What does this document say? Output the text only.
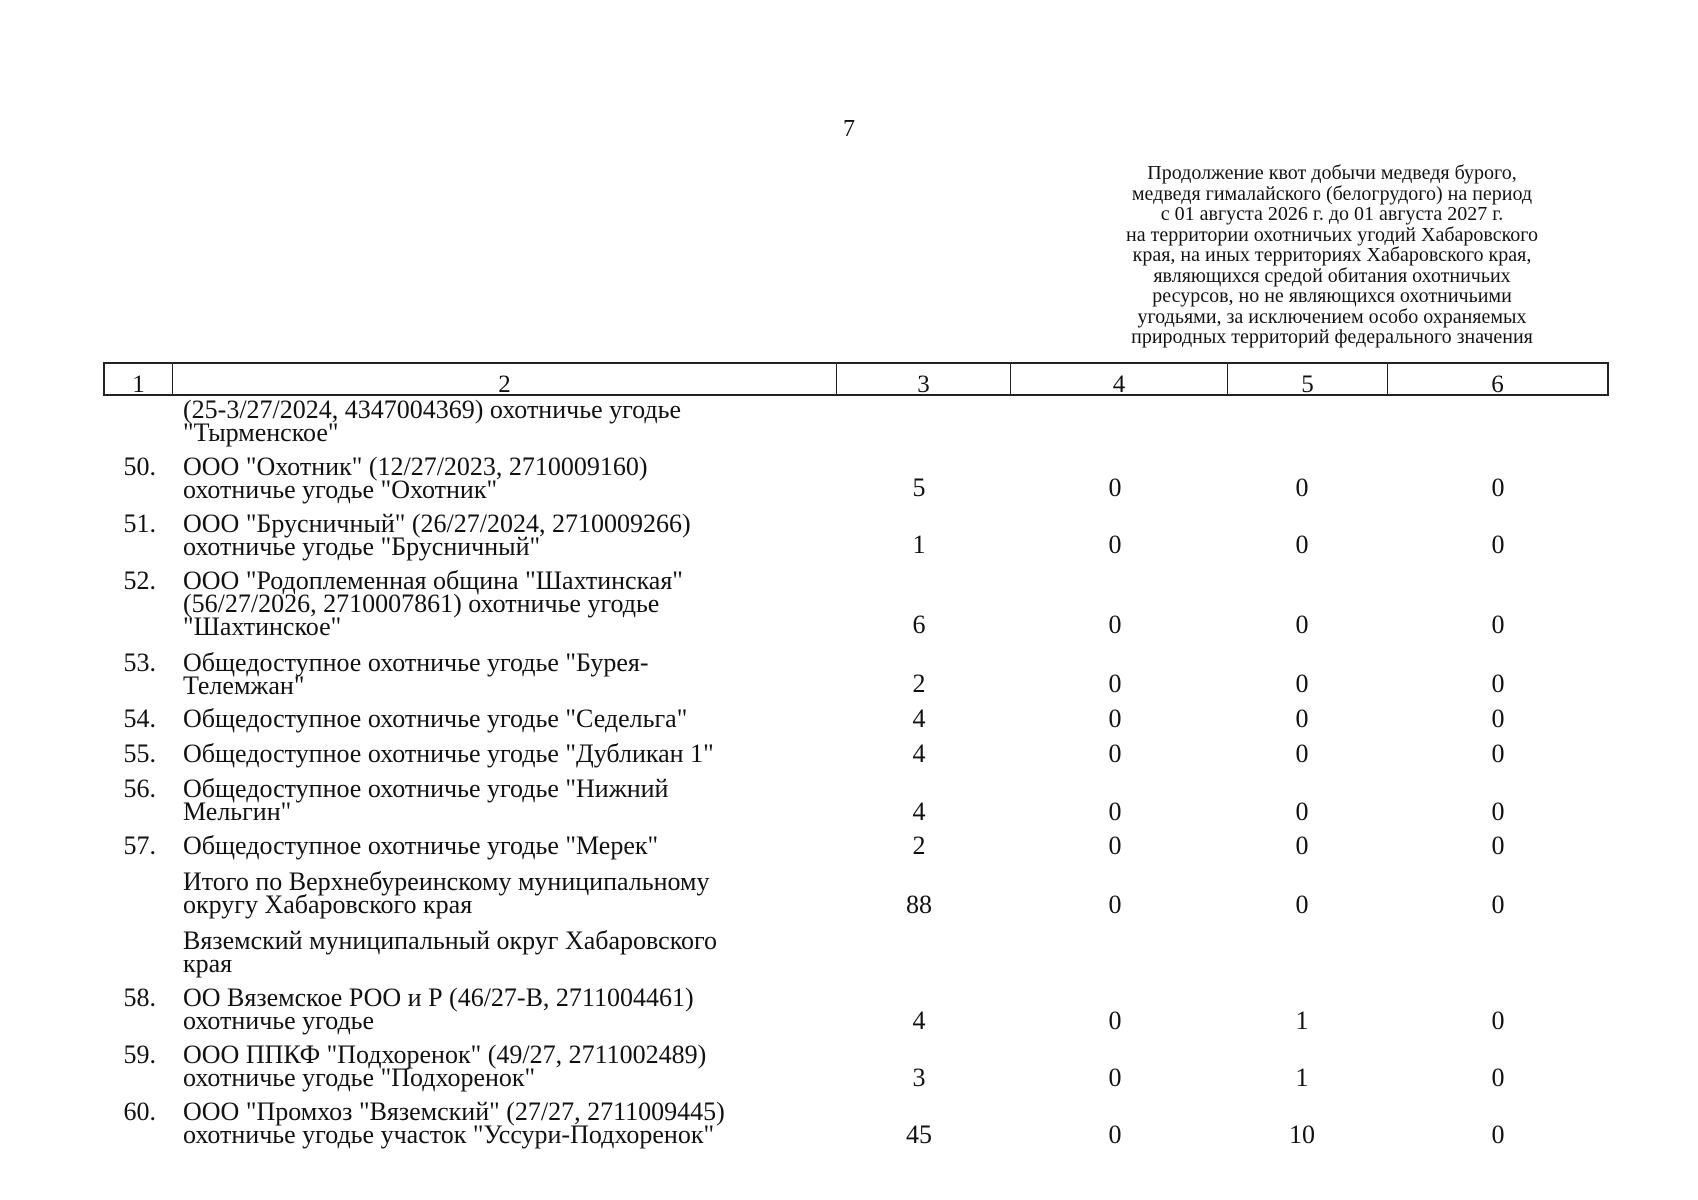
7
Продолжение квот добычи медведя бурого,
медведя гималайского (белогрудого) на период
с 01 августа 2026 г. до 01 августа 2027 г.
на территории охотничьих угодий Хабаровского
края, на иных территориях Хабаровского края,
являющихся средой обитания охотничьих
ресурсов, но не являющихся охотничьими
угодьями, за исключением особо охраняемых
природных территорий федерального значения
1	2	3	4	5	6
(25-3/27/2024, 4347004369) охотничье угодье
"Тырменское"
50. ООО "Охотник" (12/27/2023, 2710009160)
охотничье угодье "Охотник"	5	0	0	0
51. ООО "Брусничный" (26/27/2024, 2710009266)
охотничье угодье "Брусничный"	1	0	0	0
52. ООО "Родоплеменная община "Шахтинская"
(56/27/2026, 2710007861) охотничье угодье
"Шахтинское"	6	0	0	0
53. Общедоступное охотничье угодье "Бурея-
Телемжан"	2	0	0	0
54. Общедоступное охотничье угодье "Седельга"	4	0	0	0
55. Общедоступное охотничье угодье "Дубликан 1"	4	0	0	0
56. Общедоступное охотничье угодье "Нижний
Мельгин"	4	0	0	0
57. Общедоступное охотничье угодье "Мерек"	2	0	0	0
Итого по Верхнебуреинскому муниципальному
округу Хабаровского края	88	0	0	0
Вяземский муниципальный округ Хабаровского
края
58. ОО Вяземское РОО и Р (46/27-В, 2711004461)
охотничье угодье	4	0	1	0
59. ООО ППКФ "Подхоренок" (49/27, 2711002489)
охотничье угодье "Подхоренок"	3	0	1	0
60. ООО "Промхоз "Вяземский" (27/27, 2711009445)
охотничье угодье участок "Уссури-Подхоренок"	45	0	10	0
